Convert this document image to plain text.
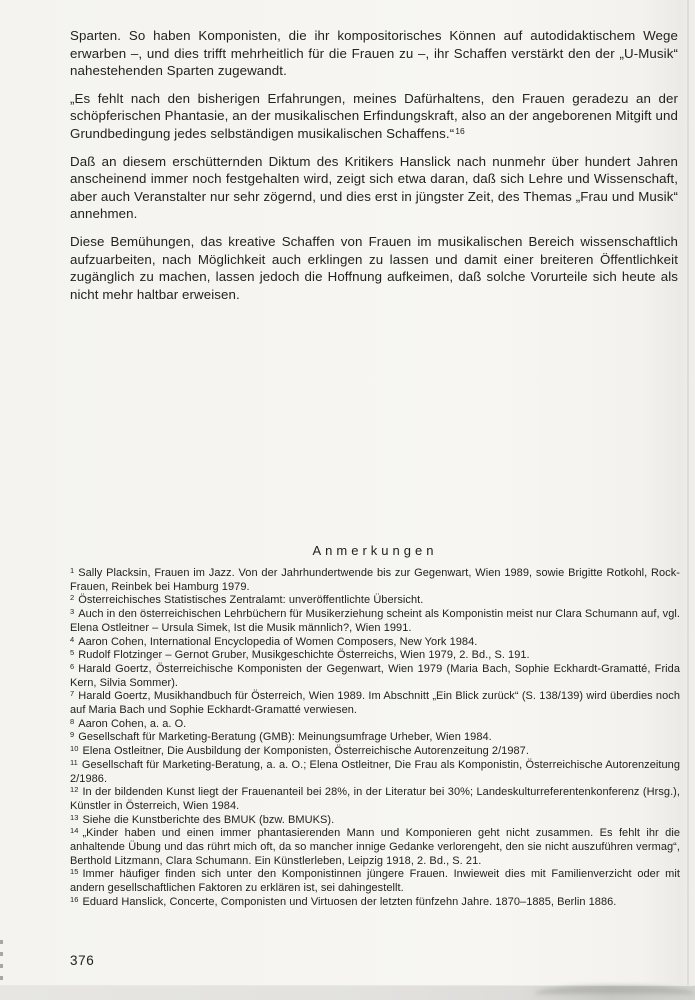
Sparten. So haben Komponisten, die ihr kompositorisches Können auf autodidaktischem Wege erwarben –, und dies trifft mehrheitlich für die Frauen zu –, ihr Schaffen verstärkt den der „U-Musik“ nahestehenden Sparten zugewandt.

„Es fehlt nach den bisherigen Erfahrungen, meines Dafürhaltens, den Frauen geradezu an der schöpferischen Phantasie, an der musikalischen Erfindungskraft, also an der angeborenen Mitgift und Grundbedingung jedes selbständigen musikalischen Schaffens.“$^{16}$

Daß an diesem erschütternden Diktum des Kritikers Hanslick nach nunmehr über hundert Jahren anscheinend immer noch festgehalten wird, zeigt sich etwa daran, daß sich Lehre und Wissenschaft, aber auch Veranstalter nur sehr zögernd, und dies erst in jüngster Zeit, des Themas „Frau und Musik“ annehmen.

Diese Bemühungen, das kreative Schaffen von Frauen im musikalischen Bereich wissenschaftlich aufzuarbeiten, nach Möglichkeit auch erklingen zu lassen und damit einer breiteren Öffentlichkeit zugänglich zu machen, lassen jedoch die Hoffnung aufkeimen, daß solche Vorurteile sich heute als nicht mehr haltbar erweisen.

Anmerkungen

$^1$ Sally Placksin, Frauen im Jazz. Von der Jahrhundertwende bis zur Gegenwart, Wien 1989, sowie Brigitte Rotkohl, Rock-Frauen, Reinbek bei Hamburg 1979.

$^2$ Österreichisches Statistisches Zentralamt: unveröffentlichte Übersicht.

$^3$ Auch in den österreichischen Lehrbüchern für Musikerziehung scheint als Komponistin meist nur Clara Schumann auf, vgl. Elena Ostleitner – Ursula Simek, Ist die Musik männlich?, Wien 1991.

$^4$ Aaron Cohen, International Encyclopedia of Women Composers, New York 1984.

$^5$ Rudolf Flotzinger – Gernot Gruber, Musikgeschichte Österreichs, Wien 1979, 2. Bd., S. 191.

$^6$ Harald Goertz, Österreichische Komponisten der Gegenwart, Wien 1979 (Maria Bach, Sophie Eckhardt-Gramatté, Frida Kern, Silvia Sommer).

$^7$ Harald Goertz, Musikhandbuch für Österreich, Wien 1989. Im Abschnitt „Ein Blick zurück“ (S. 138/139) wird überdies noch auf Maria Bach und Sophie Eckhardt-Gramatté verwiesen.

$^8$ Aaron Cohen, a. a. O.

$^9$ Gesellschaft für Marketing-Beratung (GMB): Meinungsumfrage Urheber, Wien 1984.

$^{10}$ Elena Ostleitner, Die Ausbildung der Komponisten, Österreichische Autorenzeitung 2/1987.

$^{11}$ Gesellschaft für Marketing-Beratung, a. a. O.; Elena Ostleitner, Die Frau als Komponistin, Österreichische Autorenzeitung 2/1986.

$^{12}$ In der bildenden Kunst liegt der Frauenanteil bei 28%, in der Literatur bei 30%; Landeskulturreferentenkonferenz (Hrsg.), Künstler in Österreich, Wien 1984.

$^{13}$ Siehe die Kunstberichte des BMUK (bzw. BMUKS).

$^{14}$ „Kinder haben und einen immer phantasierenden Mann und Komponieren geht nicht zusammen. Es fehlt ihr die anhaltende Übung und das rührt mich oft, da so mancher innige Gedanke verlorengeht, den sie nicht auszuführen vermag“, Berthold Litzmann, Clara Schumann. Ein Künstlerleben, Leipzig 1918, 2. Bd., S. 21.

$^{15}$ Immer häufiger finden sich unter den Komponistinnen jüngere Frauen. Inwieweit dies mit Familienverzicht oder mit andern gesellschaftlichen Faktoren zu erklären ist, sei dahingestellt.

$^{16}$ Eduard Hanslick, Concerte, Componisten und Virtuosen der letzten fünfzehn Jahre. 1870–1885, Berlin 1886.

376
